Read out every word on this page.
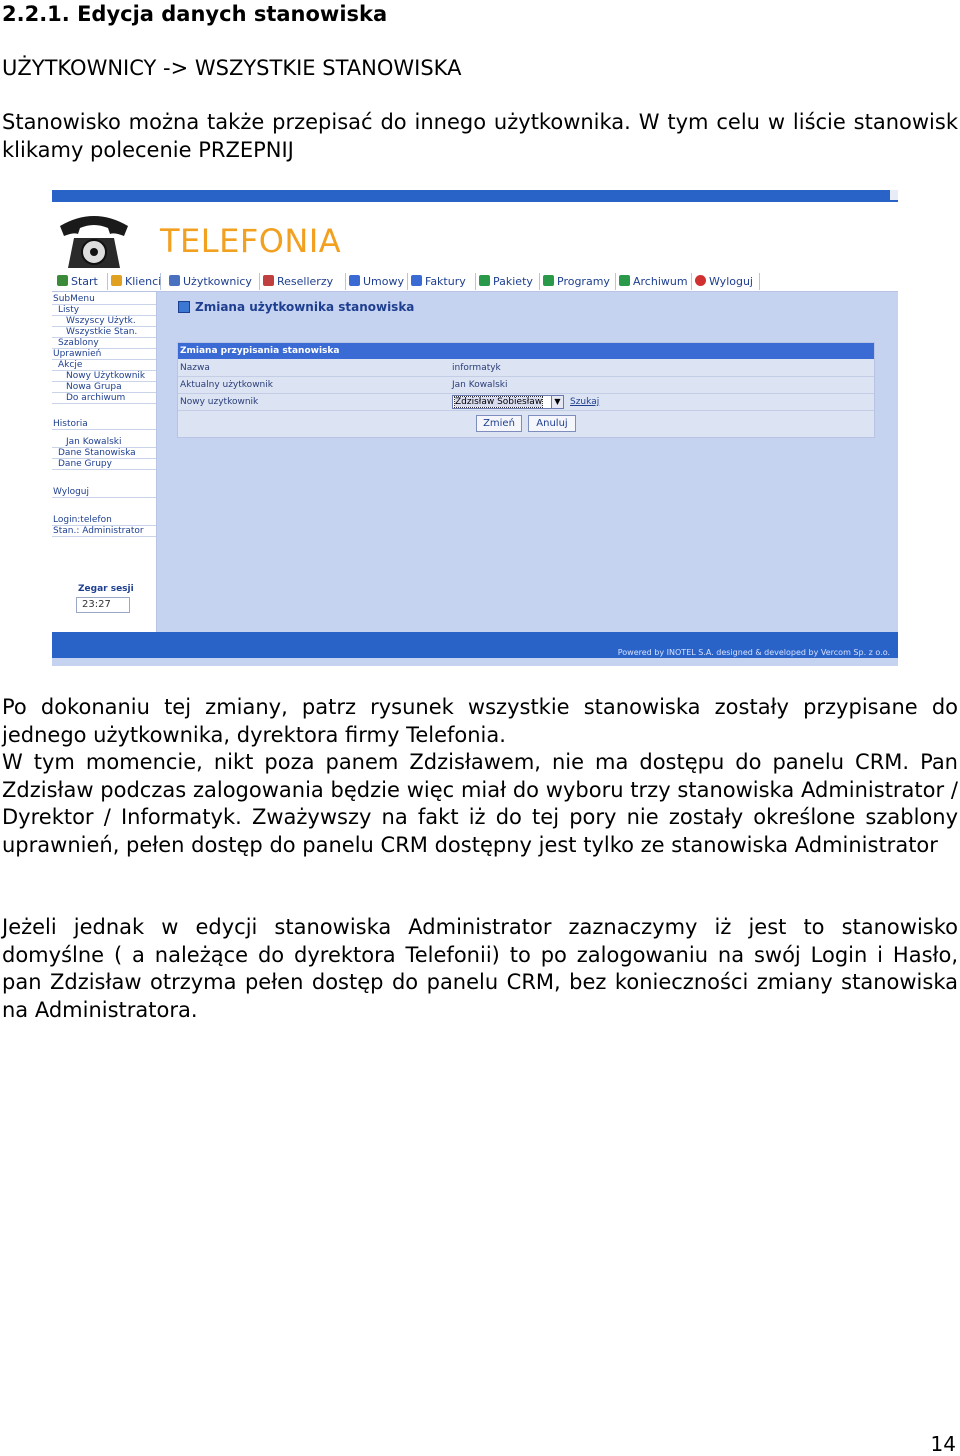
2.2.1. Edycja danych stanowiska
UŻYTKOWNICY -> WSZYSTKIE STANOWISKA
Stanowisko można także przepisać do innego użytkownika. W tym celu w liście stanowisk klikamy polecenie PRZEPNIJ
TELEFONIA
Start	Klienci	Użytkownicy	Resellerzy	Umowy	Faktury	Pakiety	Programy	Archiwum	Wyloguj
SubMenu
Listy
Wszyscy Użytk.
Wszystkie Stan.
Szablony
Uprawnień
Akcje
Nowy Użytkownik
Nowa Grupa
Do archiwum
Historia
Jan Kowalski
Dane Stanowiska
Dane Grupy
Wyloguj
Login:telefon
Stan.: Administrator
Zegar sesji
23:27
Zmiana użytkownika stanowiska
Zmiana przypisania stanowiska
Nazwa	informatyk
Aktualny użytkownik	Jan Kowalski
Nowy uzytkownik	Zdzisław Sobiesław	▼ Szukaj
Zmień	Anuluj
Powered by INOTEL S.A. designed & developed by Vercom Sp. z o.o.
Po dokonaniu tej zmiany, patrz rysunek wszystkie stanowiska zostały przypisane do jednego użytkownika, dyrektora firmy Telefonia.
W tym momencie, nikt poza panem Zdzisławem, nie ma dostępu do panelu CRM. Pan Zdzisław podczas zalogowania będzie więc miał do wyboru trzy stanowiska Administrator / Dyrektor / Informatyk. Zważywszy na fakt iż do tej pory nie zostały określone szablony uprawnień, pełen dostęp do panelu CRM dostępny jest tylko ze stanowiska Administrator
Jeżeli jednak w edycji stanowiska Administrator zaznaczymy iż jest to stanowisko domyślne ( a należące do dyrektora Telefonii) to po zalogowaniu na swój Login i Hasło, pan Zdzisław otrzyma pełen dostęp do panelu CRM, bez konieczności zmiany stanowiska na Administratora.
14
